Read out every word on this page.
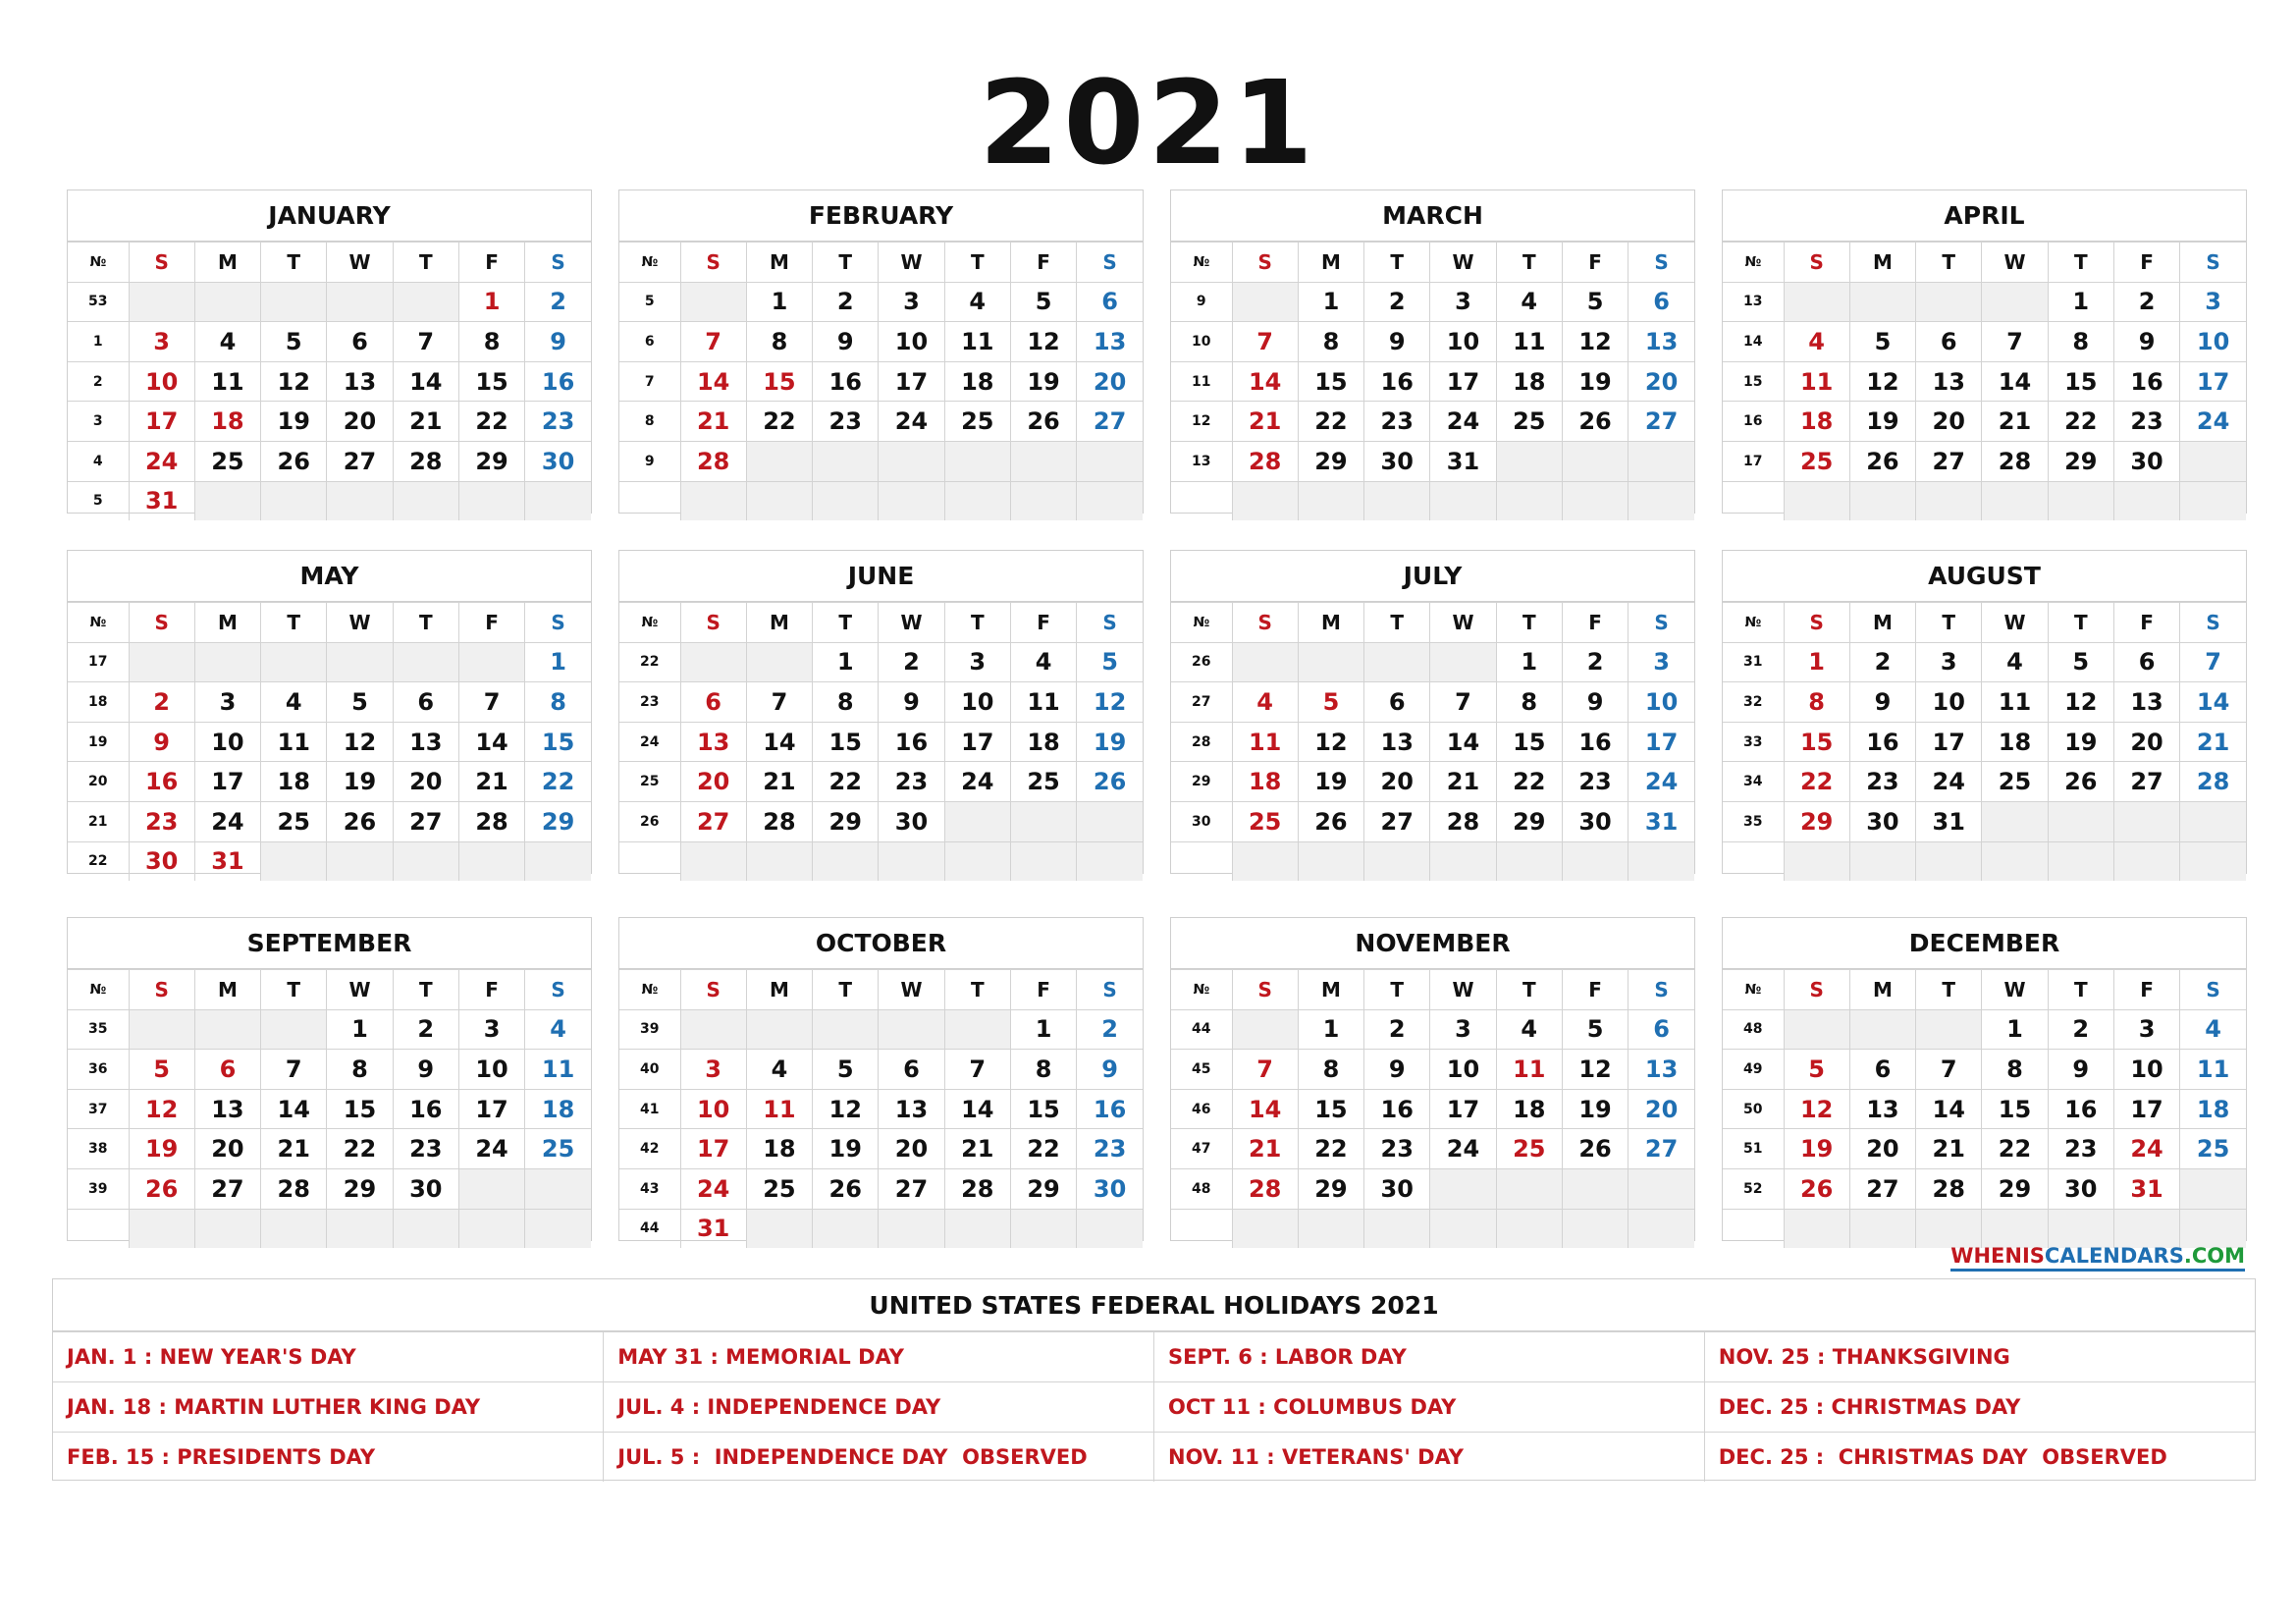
2021
JANUARY
№	S	M	T	W	T	F	S
53						1	2
1	3	4	5	6	7	8	9
2	10	11	12	13	14	15	16
3	17	18	19	20	21	22	23
4	24	25	26	27	28	29	30
5	31						
FEBRUARY
№	S	M	T	W	T	F	S
5		1	2	3	4	5	6
6	7	8	9	10	11	12	13
7	14	15	16	17	18	19	20
8	21	22	23	24	25	26	27
9	28						

MARCH
№	S	M	T	W	T	F	S
9		1	2	3	4	5	6
10	7	8	9	10	11	12	13
11	14	15	16	17	18	19	20
12	21	22	23	24	25	26	27
13	28	29	30	31			

APRIL
№	S	M	T	W	T	F	S
13					1	2	3
14	4	5	6	7	8	9	10
15	11	12	13	14	15	16	17
16	18	19	20	21	22	23	24
17	25	26	27	28	29	30	

MAY
№	S	M	T	W	T	F	S
17							1
18	2	3	4	5	6	7	8
19	9	10	11	12	13	14	15
20	16	17	18	19	20	21	22
21	23	24	25	26	27	28	29
22	30	31					
JUNE
№	S	M	T	W	T	F	S
22			1	2	3	4	5
23	6	7	8	9	10	11	12
24	13	14	15	16	17	18	19
25	20	21	22	23	24	25	26
26	27	28	29	30			

JULY
№	S	M	T	W	T	F	S
26					1	2	3
27	4	5	6	7	8	9	10
28	11	12	13	14	15	16	17
29	18	19	20	21	22	23	24
30	25	26	27	28	29	30	31

AUGUST
№	S	M	T	W	T	F	S
31	1	2	3	4	5	6	7
32	8	9	10	11	12	13	14
33	15	16	17	18	19	20	21
34	22	23	24	25	26	27	28
35	29	30	31				

SEPTEMBER
№	S	M	T	W	T	F	S
35				1	2	3	4
36	5	6	7	8	9	10	11
37	12	13	14	15	16	17	18
38	19	20	21	22	23	24	25
39	26	27	28	29	30		

OCTOBER
№	S	M	T	W	T	F	S
39						1	2
40	3	4	5	6	7	8	9
41	10	11	12	13	14	15	16
42	17	18	19	20	21	22	23
43	24	25	26	27	28	29	30
44	31						
NOVEMBER
№	S	M	T	W	T	F	S
44		1	2	3	4	5	6
45	7	8	9	10	11	12	13
46	14	15	16	17	18	19	20
47	21	22	23	24	25	26	27
48	28	29	30				

DECEMBER
№	S	M	T	W	T	F	S
48				1	2	3	4
49	5	6	7	8	9	10	11
50	12	13	14	15	16	17	18
51	19	20	21	22	23	24	25
52	26	27	28	29	30	31	

WHENISCALENDARS.COM
UNITED STATES FEDERAL HOLIDAYS 2021
JAN. 1 : NEW YEAR'S DAY	MAY 31 : MEMORIAL DAY	SEPT. 6 : LABOR DAY	NOV. 25 : THANKSGIVING
JAN. 18 : MARTIN LUTHER KING DAY	JUL. 4 : INDEPENDENCE DAY	OCT 11 : COLUMBUS DAY	DEC. 25 : CHRISTMAS DAY
FEB. 15 : PRESIDENTS DAY	JUL. 5 :  INDEPENDENCE DAY  OBSERVED	NOV. 11 : VETERANS' DAY	DEC. 25 :  CHRISTMAS DAY  OBSERVED
